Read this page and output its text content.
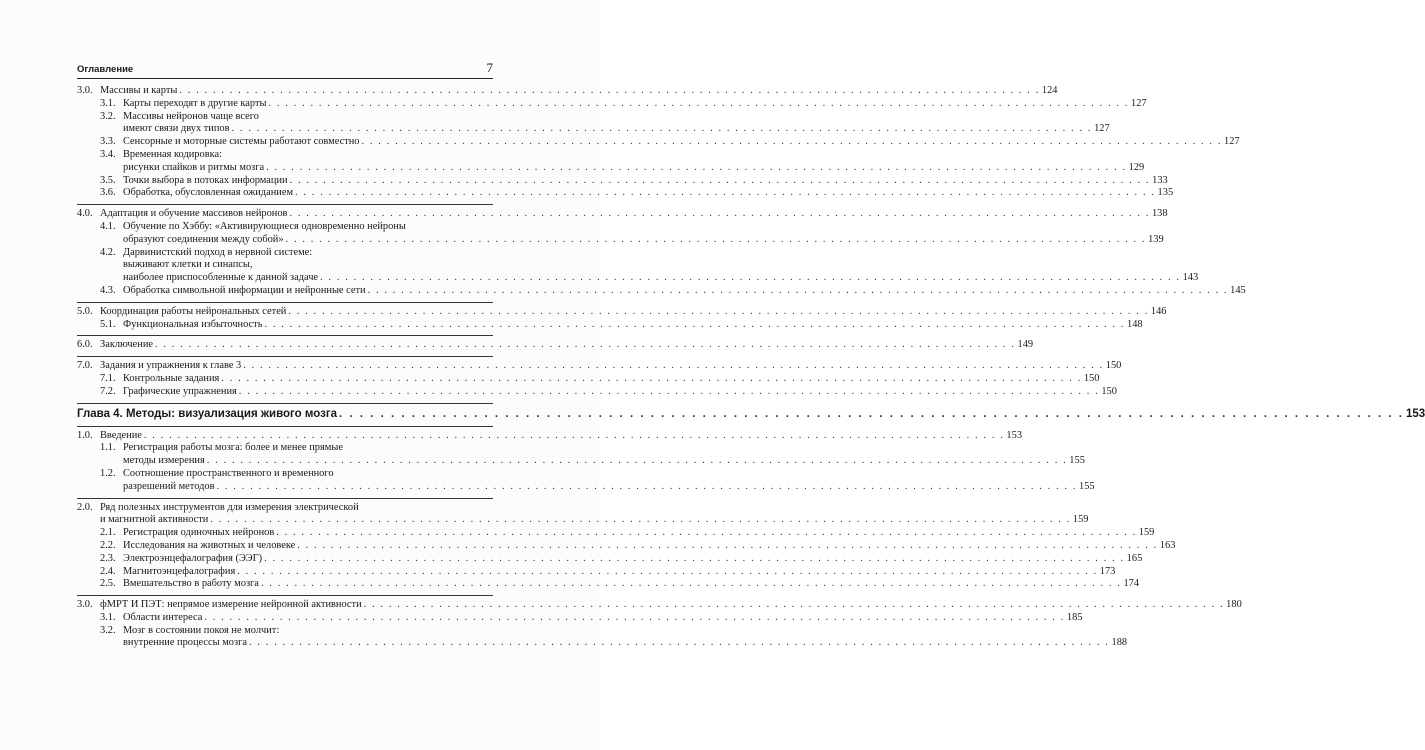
Оглавление	7
3.0. Массивы и карты . . .	124
3.1. Карты переходят в другие карты . . .	127
3.2. Массивы нейронов чаще всего
имеют связи двух типов . . .	127
3.3. Сенсорные и моторные системы работают совместно . . .	127
3.4. Временная кодировка:
рисунки спайков и ритмы мозга . . .	129
3.5. Точки выбора в потоках информации . . .	133
3.6. Обработка, обусловленная ожиданием . . .	135
4.0. Адаптация и обучение массивов нейронов . . .	138
4.1. Обучение по Хэббу: «Активирующиеся одновременно нейроны
образуют соединения между собой» . . .	139
4.2. Дарвинистский подход в нервной системе:
выживают клетки и синапсы,
наиболее приспособленные к данной задаче . . .	143
4.3. Обработка символьной информации и нейронные сети . . .	145
5.0. Координация работы нейрональных сетей . . .	146
5.1. Функциональная избыточность . . .	148
6.0. Заключение . . .	149
7.0. Задания и упражнения к главе 3 . . .	150
7.1. Контрольные задания . . .	150
7.2. Графические упражнения . . .	150
Глава 4. Методы: визуализация живого мозга . . .	153
1.0. Введение . . .	153
1.1. Регистрация работы мозга: более и менее прямые
методы измерения . . .	155
1.2. Соотношение пространственного и временного
разрешений методов . . .	155
2.0. Ряд полезных инструментов для измерения электрической
и магнитной активности . . .	159
2.1. Регистрация одиночных нейронов . . .	159
2.2. Исследования на животных и человеке . . .	163
2.3. Электроэнцефалография (ЭЭГ) . . .	165
2.4. Магнитоэнцефалография . . .	173
2.5. Вмешательство в работу мозга . . .	174
3.0. фМРТ И ПЭТ: непрямое измерение нейронной активности . . .	180
3.1. Области интереса . . .	185
3.2. Мозг в состоянии покоя не молчит:
внутренние процессы мозга . . .	188
